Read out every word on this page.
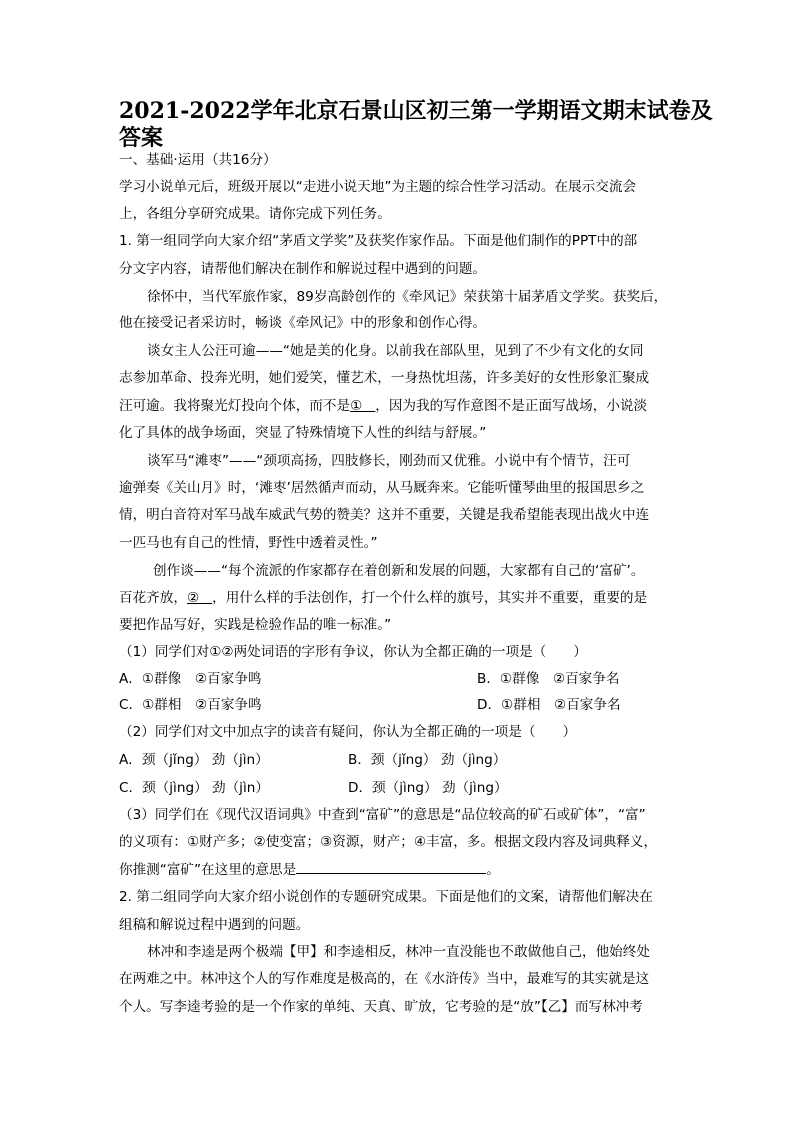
2021-2022学年北京石景山区初三第一学期语文期末试卷及
答案
一、基础·运用（共16分）
学习小说单元后，班级开展以“走进小说天地”为主题的综合性学习活动。在展示交流会
上，各组分享研究成果。请你完成下列任务。
1. 第一组同学向大家介绍“茅盾文学奖”及获奖作家作品。下面是他们制作的PPT中的部
分文字内容，请帮他们解决在制作和解说过程中遇到的问题。
徐怀中，当代军旅作家，89岁高龄创作的《牵风记》荣获第十届茅盾文学奖。获奖后，
他在接受记者采访时，畅谈《牵风记》中的形象和创作心得。
谈女主人公汪可逾——“她是美的化身。以前我在部队里，见到了不少有文化的女同
志参加革命、投奔光明，她们爱笑，懂艺术，一身热忱坦荡，许多美好的女性形象汇聚成
汪可逾。我将聚光灯投向个体，而不是①   ，因为我的写作意图不是正面写战场，小说淡
化了具体的战争场面，突显了特殊情境下人性的纠结与舒展。”
谈军马“滩枣”——“颈项高扬，四肢修长，刚劲而又优雅。小说中有个情节，汪可
逾弹奏《关山月》时，‘滩枣’居然循声而动，从马厩奔来。它能听懂琴曲里的报国思乡之
情，明白音符对军马战车威武气势的赞美？这并不重要，关键是我希望能表现出战火中连
一匹马也有自己的性情，野性中透着灵性。”
创作谈——“每个流派的作家都存在着创新和发展的问题，大家都有自己的‘富矿’。
百花齐放，②   ，用什么样的手法创作，打一个什么样的旗号，其实并不重要，重要的是
要把作品写好，实践是检验作品的唯一标准。”
（1）同学们对①②两处词语的字形有争议，你认为全都正确的一项是（　　）
A．①群像　②百家争鸣	B．①群像　②百家争名
C．①群相　②百家争鸣	D．①群相　②百家争名
（2）同学们对文中加点字的读音有疑问，你认为全都正确的一项是（　　）
A．颈（jǐng） 劲（jìn）	B．颈（jǐng） 劲（jìng）
C．颈（jìng） 劲（jìn）	D．颈（jìng） 劲（jìng）
（3）同学们在《现代汉语词典》中查到“富矿”的意思是“品位较高的矿石或矿体”，“富”
的义项有：①财产多；②使变富；③资源，财产；④丰富，多。根据文段内容及词典释义，
你推测“富矿”在这里的意思是	。
2. 第二组同学向大家介绍小说创作的专题研究成果。下面是他们的文案，请帮他们解决在
组稿和解说过程中遇到的问题。
林冲和李逵是两个极端【甲】和李逵相反，林冲一直没能也不敢做他自己，他始终处
在两难之中。林冲这个人的写作难度是极高的，在《水浒传》当中，最难写的其实就是这
个人。写李逵考验的是一个作家的单纯、天真、旷放，它考验的是“放”【乙】而写林冲考
